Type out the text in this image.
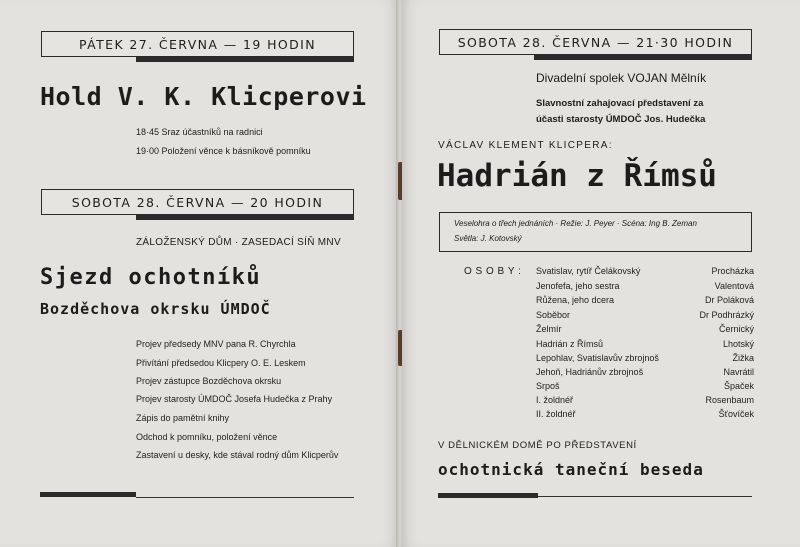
PÁTEK 27. ČERVNA — 19 HODIN
Hold V. K. Klicperovi
18·45 Sraz účastníků na radnici
19·00 Položení věnce k básníkově pomníku
SOBOTA 28. ČERVNA — 20 HODIN
ZÁLOŽENSKÝ DŮM · ZASEDACÍ SÍŇ MNV
Sjezd ochotníků
Bozděchova okrsku ÚMDOČ
Projev předsedy MNV pana R. Chyrchla
Přivítání předsedou Klicpery O. E. Leskem
Projev zástupce Bozděchova okrsku
Projev starosty ÚMDOČ Josefa Hudečka z Prahy
Zápis do pamětní knihy
Odchod k pomníku, položení věnce
Zastavení u desky, kde stával rodný dům Klicperův
SOBOTA 28. ČERVNA — 21·30 HODIN
Divadelní spolek VOJAN Mělník
Slavnostní zahajovací představení za
účasti starosty ÚMDOČ Jos. Hudečka
VÁCLAV KLEMENT KLICPERA:
Hadrián z Římsů
Veselohra o třech jednáních · Režie: J. Peyer · Scéna: Ing B. Zeman
Světla: J. Kotovský
O S O B Y : Svatislav, rytíř Čelákovský	Procházka
Jenofefa, jeho sestra	Valentová
Růžena, jeho dcera	Dr Poláková
Soběbor	Dr Podhrázký
Želmír	Černický
Hadrián z Římsů	Lhotský
Lepohlav, Svatislavův zbrojnoš	Žižka
Jehoň, Hadriánův zbrojnoš	Navrátil
Srpoš	Špaček
I. žoldnéř	Rosenbaum
II. žoldnéř	Šťovíček
V DĚLNICKÉM DOMĚ PO PŘEDSTAVENÍ
ochotnická taneční beseda
